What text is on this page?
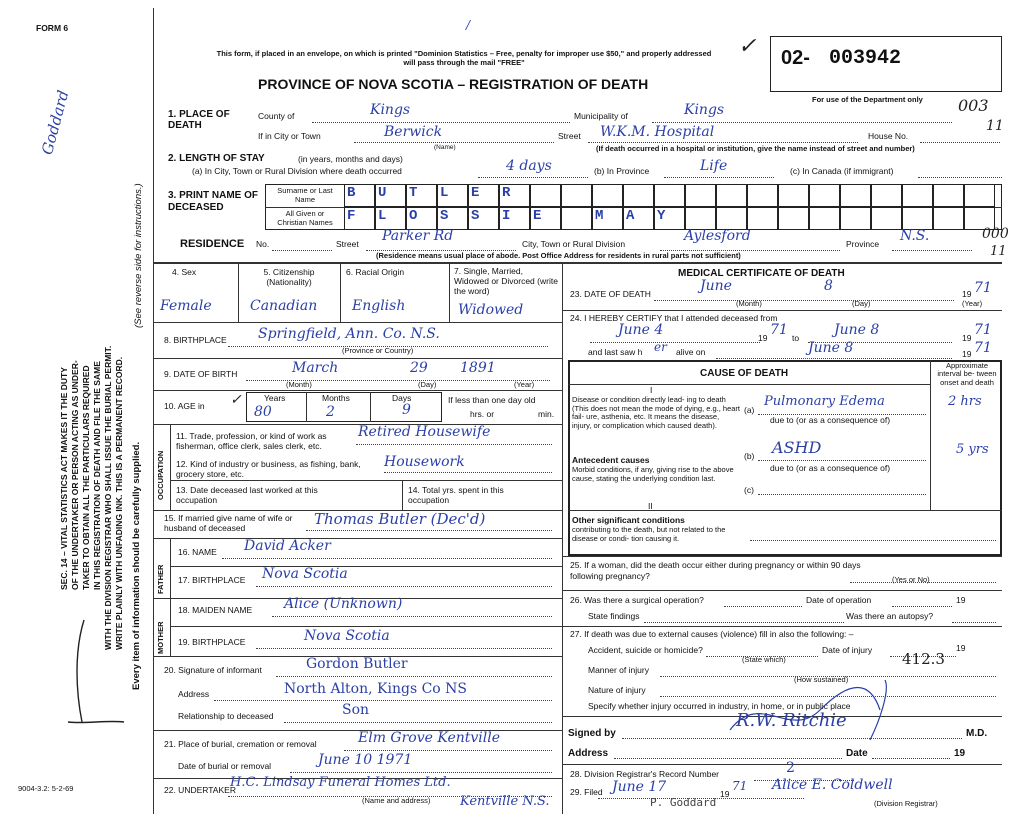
FORM 6
Goddard
SEC. 14 – VITAL STATISTICS ACT MAKES IT THE DUTY OF THE UNDERTAKER OR PERSON ACTING AS UNDER- TAKER TO OBTAIN ALL THE PARTICULARS REQUIRED IN THIS REGISTRATION OF DEATH AND FILE THE SAME WITH THE DIVISION REGISTRAR WHO SHALL ISSUE THE BURIAL PERMIT. WRITE PLAINLY WITH UNFADING INK. THIS IS A PERMANENT RECORD. Every item of information should be carefully supplied.
(See reverse side for instructions.)
9004-3.2: 5-2-69
/
This form, if placed in an envelope, on which is printed "Dominion Statistics – Free, penalty for improper use $50," and properly addressed will pass through the mail "FREE"
PROVINCE OF NOVA SCOTIA – REGISTRATION OF DEATH
✓ 02- 003942
For use of the Department only
1. PLACE OF DEATH
County of	Kings	Municipality of	Kings	003
If in City or Town	Berwick
(Name)
Street W.K.M. Hospital	House No.
11
(If death occurred in a hospital or institution, give the name instead of street and number)
2. LENGTH OF STAY	(in years, months and days)
(a) In City, Town or Rural Division where death occurred	4 days	(b) In Province	Life	(c) In Canada (if immigrant)
3. PRINT NAME OF DECEASED
Surname or Last Name
All Given or Christian Names
B	U	T	L	E	R
F	L	O	S	S	I	E	M	A	Y
RESIDENCE No.	Street Parker Rd	City, Town or Rural Division	Aylesford	Province N.S.	000
11
(Residence means usual place of abode. Post Office Address for residents in rural parts not sufficient)
4. Sex
Female
5. Citizenship (Nationality)
Canadian
6. Racial Origin
English
7. Single, Married, Widowed or Divorced (write the word)
Widowed
8. BIRTHPLACE Springfield, Ann. Co. N.S.
(Province or Country)
9. DATE OF BIRTH	March	29 1891
(Month)	(Day)	(Year)
10. AGE in ✓	Years	Months	Days
80	2	9
If less than one day old
hrs. or	min.
OCCUPATION
11. Trade, profession, or kind of work as fisherman, office clerk, sales clerk, etc.
Retired Housewife
12. Kind of industry or business, as fishing, bank, grocery store, etc.
Housework
13. Date deceased last worked at this occupation
14. Total yrs. spent in this occupation
15. If married give name of wife or husband of deceased	Thomas Butler (Dec'd)
FATHER
16. NAME David Acker
17. BIRTHPLACE Nova Scotia
MOTHER
18. MAIDEN NAME Alice (Unknown)
19. BIRTHPLACE	Nova Scotia
20. Signature of informant	Gordon Butler
Address	North Alton, Kings Co NS
Relationship to deceased	Son
21. Place of burial, cremation or removal	Elm Grove Kentville
Date of burial or removal	June 10 1971
22. UNDERTAKER
H.C. Lindsay Funeral Homes Ltd.
(Name and address) Kentville N.S.
MEDICAL CERTIFICATE OF DEATH
23. DATE OF DEATH	June	8	19 71
(Month)	(Day)	(Year)
24. I HEREBY CERTIFY that I attended deceased from
June 4	19 71 to June 8	19 71
and last saw h er alive on	June 8	19 71
CAUSE OF DEATH
Approximate interval be- tween onset and death
I
Disease or condition directly lead- ing to death (This does not mean the mode of dying, e.g., heart fail- ure, asthenia, etc. It means the disease, injury, or complication which caused death).
(a)
Pulmonary Edema	2 hrs
due to (or as a consequence of)
Antecedent causes
Morbid conditions, if any, giving rise to the above cause, stating the underlying condition last.
(b) ASHD	5 yrs
due to (or as a consequence of)
(c)
II
Other significant conditions
contributing to the death, but not related to the disease or condi- tion causing it.
25. If a woman, did the death occur either during pregnancy or within 90 days following pregnancy?	(Yes or No)
26. Was there a surgical operation?	Date of operation	19
State findings	Was there an autopsy?
27. If death was due to external causes (violence) fill in also the following: –
Accident, suicide or homicide?	Date of injury	19
(State which)	412.3
Manner of injury
(How sustained)
Nature of injury
Specify whether injury occurred in industry, in home, or in public place
Signed by
R.W. Ritchie
M.D.
Address	Date	19
28. Division Registrar's Record Number	2
29. Filed June 17	19
71 Alice E. Coldwell
(Division Registrar)
P. Goddard
